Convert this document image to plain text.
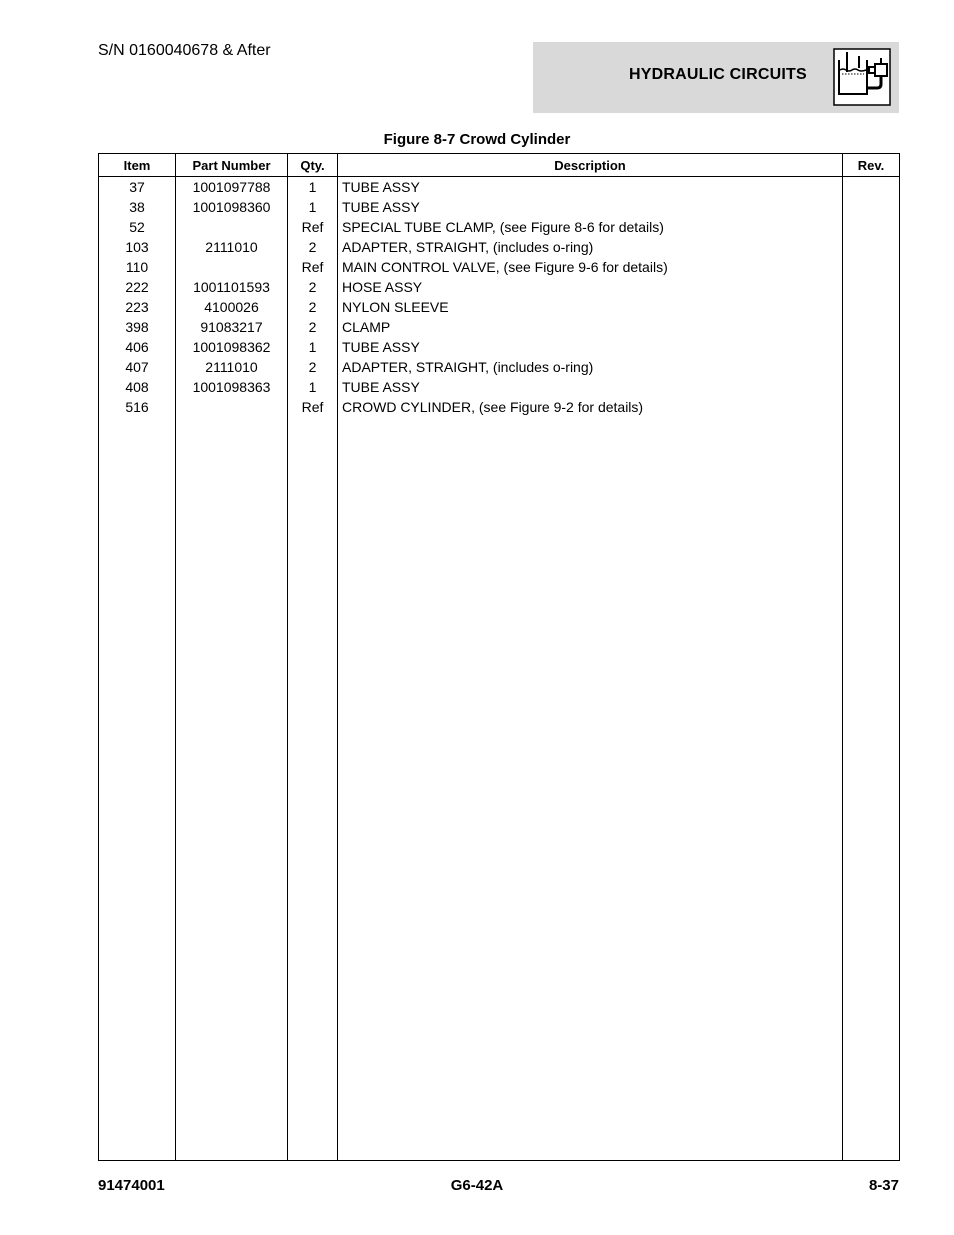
S/N 0160040678 & After
HYDRAULIC CIRCUITS
Figure 8-7 Crowd Cylinder
Item	Part Number	Qty.	Description	Rev.
37	1001097788	1	TUBE ASSY	
38	1001098360	1	TUBE ASSY	
52		Ref	SPECIAL TUBE CLAMP, (see Figure 8-6 for details)	
103	2111010	2	ADAPTER, STRAIGHT, (includes o-ring)	
110		Ref	MAIN CONTROL VALVE, (see Figure 9-6 for details)	
222	1001101593	2	HOSE ASSY	
223	4100026	2	NYLON SLEEVE	
398	91083217	2	CLAMP	
406	1001098362	1	TUBE ASSY	
407	2111010	2	ADAPTER, STRAIGHT, (includes o-ring)	
408	1001098363	1	TUBE ASSY	
516		Ref	CROWD CYLINDER, (see Figure 9-2 for details)	

91474001	G6-42A	8-37
